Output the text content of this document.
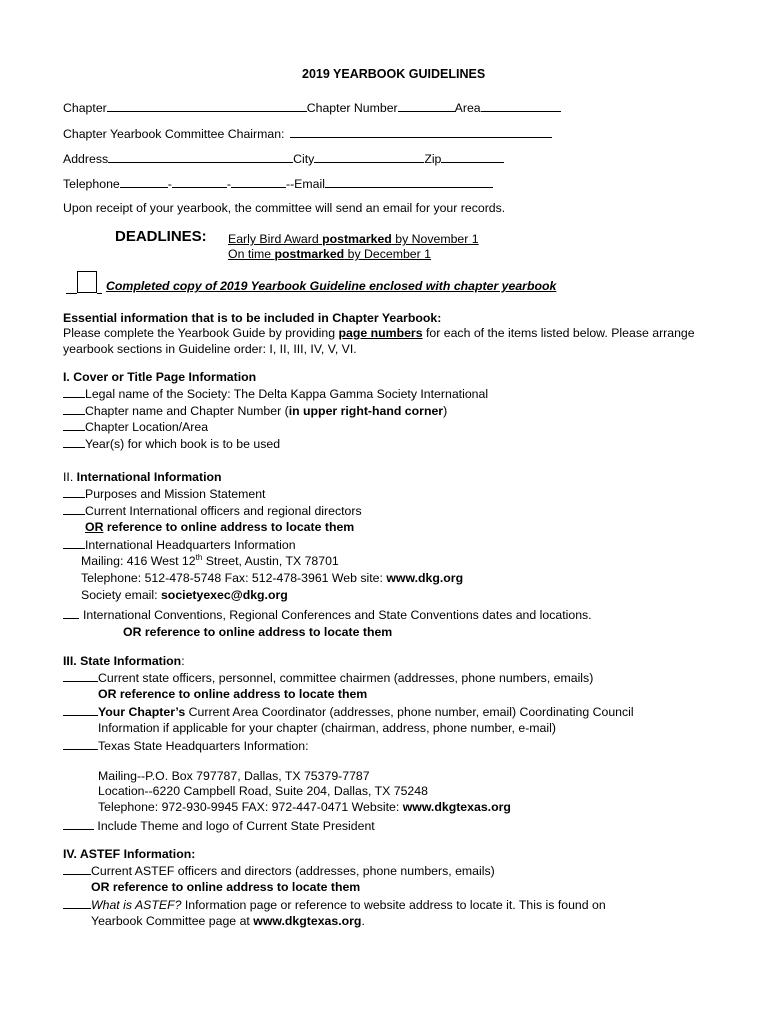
2019 YEARBOOK GUIDELINES
Chapter	Chapter Number	Area
Chapter Yearbook Committee Chairman:
Address	City	Zip
Telephone	-	-	--Email
Upon receipt of your yearbook, the committee will send an email for your records.
DEADLINES: Early Bird Award postmarked by November 1
On time postmarked by December 1
Completed copy of 2019 Yearbook Guideline enclosed with chapter yearbook
Essential information that is to be included in Chapter Yearbook:
Please complete the Yearbook Guide by providing page numbers for each of the items listed below. Please arrange
yearbook sections in Guideline order: I, II, III, IV, V, VI.
I. Cover or Title Page Information
Legal name of the Society: The Delta Kappa Gamma Society International
Chapter name and Chapter Number (in upper right-hand corner)
Chapter Location/Area
Year(s) for which book is to be used
II. International Information
Purposes and Mission Statement
Current International officers and regional directors
OR reference to online address to locate them
International Headquarters Information
Mailing: 416 West 12th Street, Austin, TX 78701
Telephone: 512-478-5748 Fax: 512-478-3961 Web site: www.dkg.org
Society email: societyexec@dkg.org
International Conventions, Regional Conferences and State Conventions dates and locations.
OR reference to online address to locate them
III. State Information:
Current state officers, personnel, committee chairmen (addresses, phone numbers, emails)
OR reference to online address to locate them
Your Chapter’s Current Area Coordinator (addresses, phone number, email) Coordinating Council
Information if applicable for your chapter (chairman, address, phone number, e-mail)
Texas State Headquarters Information:
Mailing--P.O. Box 797787, Dallas, TX 75379-7787
Location--6220 Campbell Road, Suite 204, Dallas, TX 75248
Telephone: 972-930-9945 FAX: 972-447-0471 Website: www.dkgtexas.org
Include Theme and logo of Current State President
IV. ASTEF Information:
Current ASTEF officers and directors (addresses, phone numbers, emails)
OR reference to online address to locate them
What is ASTEF? Information page or reference to website address to locate it. This is found on
Yearbook Committee page at www.dkgtexas.org.
